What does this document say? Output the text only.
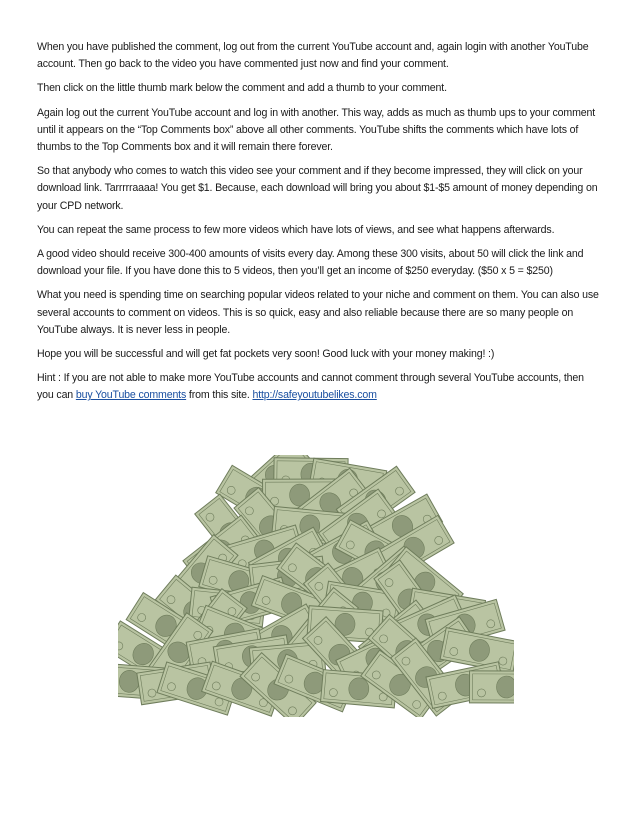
When you have published the comment, log out from the current YouTube account and, again login with another YouTube account. Then go back to the video you have commented just now and find your comment.

Then click on the little thumb mark below the comment and add a thumb to your comment.

Again log out the current YouTube account and log in with another. This way, adds as much as thumb ups to your comment until it appears on the “Top Comments box” above all other comments. YouTube shifts the comments which have lots of thumbs to the Top Comments box and it will remain there forever.

So that anybody who comes to watch this video see your comment and if they become impressed, they will click on your download link. Tarrrrraaaa! You get $1. Because, each download will bring you about $1-$5 amount of money depending on your CPD network.

You can repeat the same process to few more videos which have lots of views, and see what happens afterwards.

A good video should receive 300-400 amounts of visits every day. Among these 300 visits, about 50 will click the link and download your file. If you have done this to 5 videos, then you’ll get an income of $250 everyday. ($50 x 5 = $250)

What you need is spending time on searching popular videos related to your niche and comment on them. You can also use several accounts to comment on videos. This is so quick, easy and also reliable because there are so many people on YouTube always. It is never less in people.

Hope you will be successful and will get fat pockets very soon! Good luck with your money making! :)

Hint : If you are not able to make more YouTube accounts and cannot comment through several YouTube accounts, then you can buy YouTube comments from this site. http://safeyoutubelikes.com
